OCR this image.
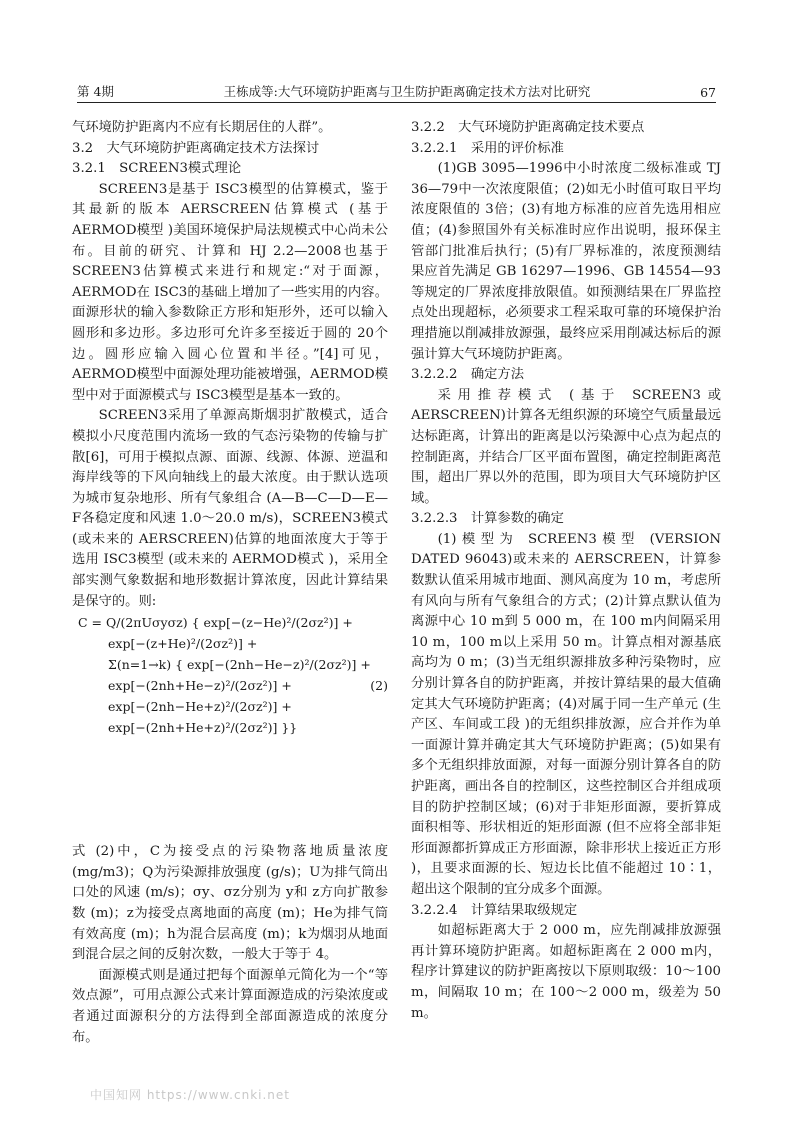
第 4期	王栋成等:大气环境防护距离与卫生防护距离确定技术方法对比研究	67

气环境防护距离内不应有长期居住的人群”。

3.2　大气环境防护距离确定技术方法探讨

3.2.1　SCREEN3模式理论

SCREEN3是基于 ISC3模型的估算模式，鉴于其最新的版本 AERSCREEN估算模式 (基于 AERMOD模型 )美国环境保护局法规模式中心尚未公布。目前的研究、计算和 HJ 2.2—2008也基于 SCREEN3估算模式来进行和规定:“对于面源，AERMOD在 ISC3的基础上增加了一些实用的内容。面源形状的输入参数除正方形和矩形外，还可以输入圆形和多边形。多边形可允许多至接近于圆的 20个边。圆形应输入圆心位置和半径。”[4]可见，AERMOD模型中面源处理功能被增强，AERMOD模型中对于面源模式与 ISC3模型是基本一致的。

SCREEN3采用了单源高斯烟羽扩散模式，适合模拟小尺度范围内流场一致的气态污染物的传输与扩散[6]，可用于模拟点源、面源、线源、体源、逆温和海岸线等的下风向轴线上的最大浓度。由于默认选项为城市复杂地形、所有气象组合 (A—B—C—D—E—F各稳定度和风速 1.0～20.0 m/s)，SCREEN3模式 (或未来的 AERSCREEN)估算的地面浓度大于等于选用 ISC3模型 (或未来的 AERMOD模式 )，采用全部实测气象数据和地形数据计算浓度，因此计算结果是保守的。则:

C = Q/(2πUσyσz) { exp[−(z−He)²/(2σz²)] +
exp[−(z+He)²/(2σz²)] +
Σ(n=1→k) { exp[−(2nh−He−z)²/(2σz²)] +
exp[−(2nh+He−z)²/(2σz²)] +	(2)
exp[−(2nh−He+z)²/(2σz²)] +
exp[−(2nh+He+z)²/(2σz²)] }}

式 (2)中，C为接受点的污染物落地质量浓度 (mg/m3)；Q为污染源排放强度 (g/s)；U为排气筒出口处的风速 (m/s)；σy、σz分别为 y和 z方向扩散参数 (m)；z为接受点离地面的高度 (m)；He为排气筒有效高度 (m)；h为混合层高度 (m)；k为烟羽从地面到混合层之间的反射次数，一般大于等于 4。

面源模式则是通过把每个面源单元简化为一个“等效点源”，可用点源公式来计算面源造成的污染浓度或者通过面源积分的方法得到全部面源造成的浓度分布。

3.2.2　大气环境防护距离确定技术要点

3.2.2.1　采用的评价标准

(1)GB 3095—1996中小时浓度二级标准或 TJ 36—79中一次浓度限值；(2)如无小时值可取日平均浓度限值的 3倍；(3)有地方标准的应首先选用相应值；(4)参照国外有关标准时应作出说明，报环保主管部门批准后执行；(5)有厂界标准的，浓度预测结果应首先满足 GB 16297—1996、GB 14554—93等规定的厂界浓度排放限值。如预测结果在厂界监控点处出现超标，必须要求工程采取可靠的环境保护治理措施以削减排放源强，最终应采用削减达标后的源强计算大气环境防护距离。

3.2.2.2　确定方法

采用推荐模式 (基于 SCREEN3或 AERSCREEN)计算各无组织源的环境空气质量最远达标距离，计算出的距离是以污染源中心点为起点的控制距离，并结合厂区平面布置图，确定控制距离范围，超出厂界以外的范围，即为项目大气环境防护区域。

3.2.2.3　计算参数的确定

(1)模型为 SCREEN3模型 (VERSION DATED 96043)或未来的 AERSCREEN，计算参数默认值采用城市地面、测风高度为 10 m，考虑所有风向与所有气象组合的方式；(2)计算点默认值为离源中心 10 m到 5 000 m，在 100 m内间隔采用 10 m，100 m以上采用 50 m。计算点相对源基底高均为 0 m；(3)当无组织源排放多种污染物时，应分别计算各自的防护距离，并按计算结果的最大值确定其大气环境防护距离；(4)对属于同一生产单元 (生产区、车间或工段 )的无组织排放源，应合并作为单一面源计算并确定其大气环境防护距离；(5)如果有多个无组织排放面源，对每一面源分别计算各自的防护距离，画出各自的控制区，这些控制区合并组成项目的防护控制区域；(6)对于非矩形面源，要折算成面积相等、形状相近的矩形面源 (但不应将全部非矩形面源都折算成正方形面源，除非形状上接近正方形 )，且要求面源的长、短边长比值不能超过 10∶1，超出这个限制的宜分成多个面源。

3.2.2.4　计算结果取级规定

如超标距离大于 2 000 m，应先削减排放源强再计算环境防护距离。如超标距离在 2 000 m内，程序计算建议的防护距离按以下原则取级：10～100 m，间隔取 10 m；在 100～2 000 m，级差为 50 m。

中国知网 https://www.cnki.net
